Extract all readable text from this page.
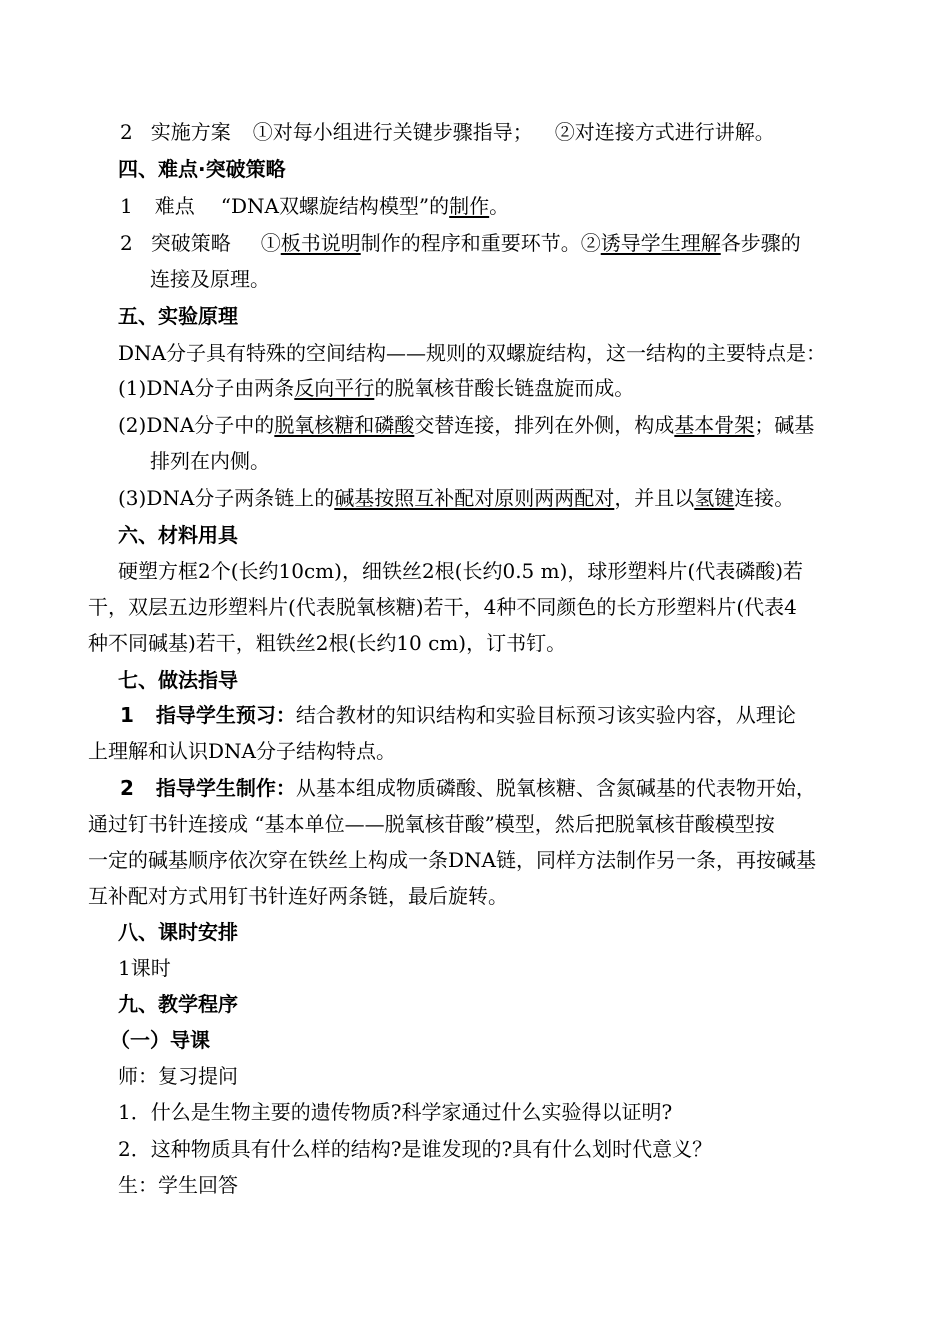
2 实施方案 ①对每小组进行关键步骤指导； ②对连接方式进行讲解。

四、难点·突破策略

1 难点 “DNA双螺旋结构模型”的制作。

2 突破策略 ①板书说明制作的程序和重要环节。②诱导学生理解各步骤的

连接及原理。

五、实验原理

DNA分子具有特殊的空间结构——规则的双螺旋结构，这一结构的主要特点是：

(1)DNA分子由两条反向平行的脱氧核苷酸长链盘旋而成。

(2)DNA分子中的脱氧核糖和磷酸交替连接，排列在外侧，构成基本骨架；碱基

排列在内侧。

(3)DNA分子两条链上的碱基按照互补配对原则两两配对，并且以氢键连接。

六、材料用具

硬塑方框2个(长约10cm)，细铁丝2根(长约0.5 m)，球形塑料片(代表磷酸)若

干，双层五边形塑料片(代表脱氧核糖)若干，4种不同颜色的长方形塑料片(代表4

种不同碱基)若干，粗铁丝2根(长约10 cm)，订书钉。

七、做法指导

1 指导学生预习：结合教材的知识结构和实验目标预习该实验内容，从理论

上理解和认识DNA分子结构特点。

2 指导学生制作：从基本组成物质磷酸、脱氧核糖、含氮碱基的代表物开始，

通过钉书针连接成 “基本单位——脱氧核苷酸”模型，然后把脱氧核苷酸模型按

一定的碱基顺序依次穿在铁丝上构成一条DNA链，同样方法制作另一条，再按碱基

互补配对方式用钉书针连好两条链，最后旋转。

八、课时安排

1课时

九、教学程序

（一）导课

师：复习提问

1．什么是生物主要的遗传物质?科学家通过什么实验得以证明?

2．这种物质具有什么样的结构?是谁发现的?具有什么划时代意义？

生：学生回答
